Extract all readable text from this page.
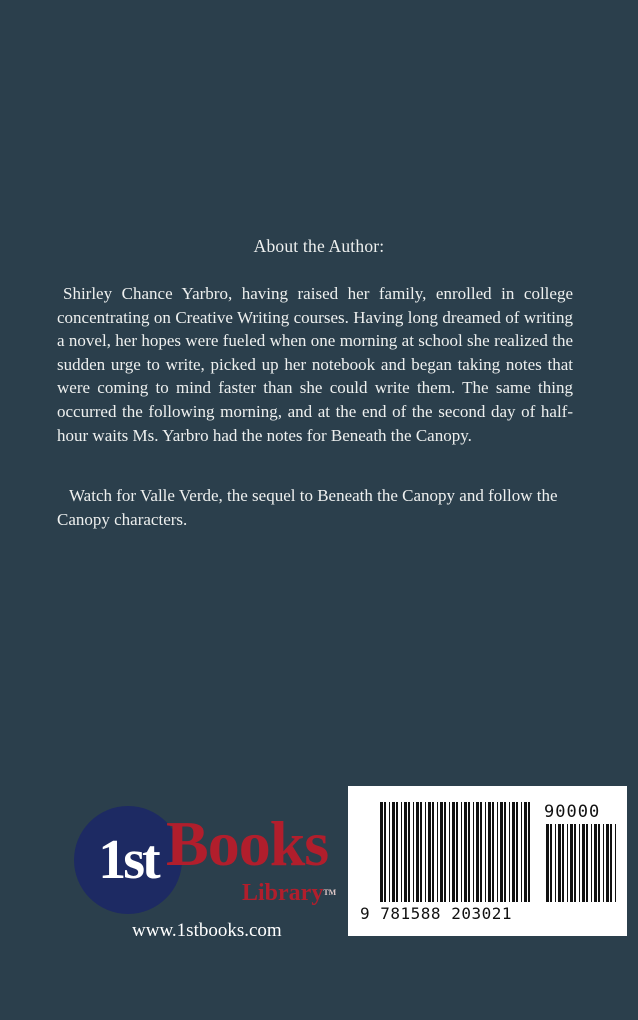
About the Author:

Shirley Chance Yarbro, having raised her family, enrolled in college concentrating on Creative Writing courses. Having long dreamed of writing a novel, her hopes were fueled when one morning at school she realized the sudden urge to write, picked up her notebook and began taking notes that were coming to mind faster than she could write them. The same thing occurred the following morning, and at the end of the second day of half-hour waits Ms. Yarbro had the notes for Beneath the Canopy.

Watch for Valle Verde, the sequel to Beneath the Canopy and follow the Canopy characters.

1st Books
Library™
www.1stbooks.com
90000
9 781588 203021
